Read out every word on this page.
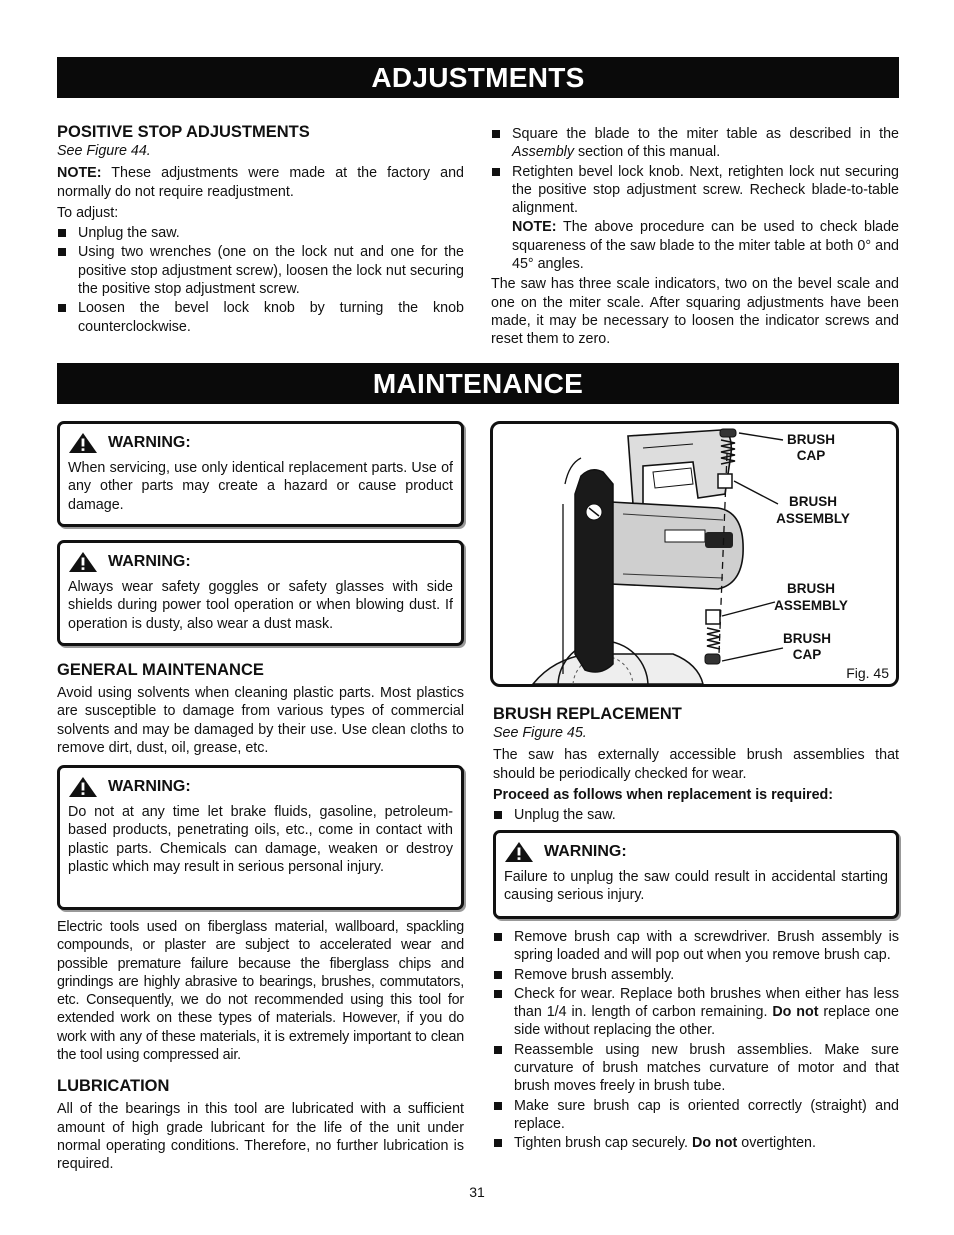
ADJUSTMENTS
POSITIVE STOP ADJUSTMENTS
See Figure 44.

NOTE: These adjustments were made at the factory and normally do not require readjustment.

To adjust:
Unplug the saw.
Using two wrenches (one on the lock nut and one for the positive stop adjustment screw), loosen the lock nut securing the positive stop adjustment screw.
Loosen the bevel lock knob by turning the knob counterclockwise.
Square the blade to the miter table as described in the Assembly section of this manual.
Retighten bevel lock knob. Next, retighten lock nut securing the positive stop adjustment screw. Recheck blade-to-table alignment.
NOTE: The above procedure can be used to check blade squareness of the saw blade to the miter table at both 0° and 45° angles.

The saw has three scale indicators, two on the bevel scale and one on the miter scale. After squaring adjustments have been made, it may be necessary to loosen the indicator screws and reset them to zero.

MAINTENANCE
WARNING:

When servicing, use only identical replacement parts. Use of any other parts may create a hazard or cause product damage.

WARNING:

Always wear safety goggles or safety glasses with side shields during power tool operation or when blowing dust. If operation is dusty, also wear a dust mask.

GENERAL MAINTENANCE

Avoid using solvents when cleaning plastic parts. Most plastics are susceptible to damage from various types of commercial solvents and may be damaged by their use. Use clean cloths to remove dirt, dust, oil, grease, etc.

WARNING:

Do not at any time let brake fluids, gasoline, petroleum-based products, penetrating oils, etc., come in contact with plastic parts. Chemicals can damage, weaken or destroy plastic which may result in serious personal injury.

Electric tools used on fiberglass material, wallboard, spackling compounds, or plaster are subject to accelerated wear and possible premature failure because the fiberglass chips and grindings are highly abrasive to bearings, brushes, commutators, etc. Consequently, we do not recommended using this tool for extended work on these types of materials. However, if you do work with any of these materials, it is extremely important to clean the tool using compressed air.

LUBRICATION

All of the bearings in this tool are lubricated with a sufficient amount of high grade lubricant for the life of the unit under normal operating conditions. Therefore, no further lubrication is required.

BRUSH
CAP
BRUSH
ASSEMBLY
BRUSH
ASSEMBLY
BRUSH
CAP
Fig. 45
BRUSH REPLACEMENT
See Figure 45.

The saw has externally accessible brush assemblies that should be periodically checked for wear.

Proceed as follows when replacement is required:
Unplug the saw.
WARNING:

Failure to unplug the saw could result in accidental starting causing serious injury.

Remove brush cap with a screwdriver. Brush assembly is spring loaded and will pop out when you remove brush cap.
Remove brush assembly.
Check for wear. Replace both brushes when either has less than 1/4 in. length of carbon remaining. Do not replace one side without replacing the other.
Reassemble using new brush assemblies. Make sure curvature of brush matches curvature of motor and that brush moves freely in brush tube.
Make sure brush cap is oriented correctly (straight) and replace.
Tighten brush cap securely. Do not overtighten.
31
